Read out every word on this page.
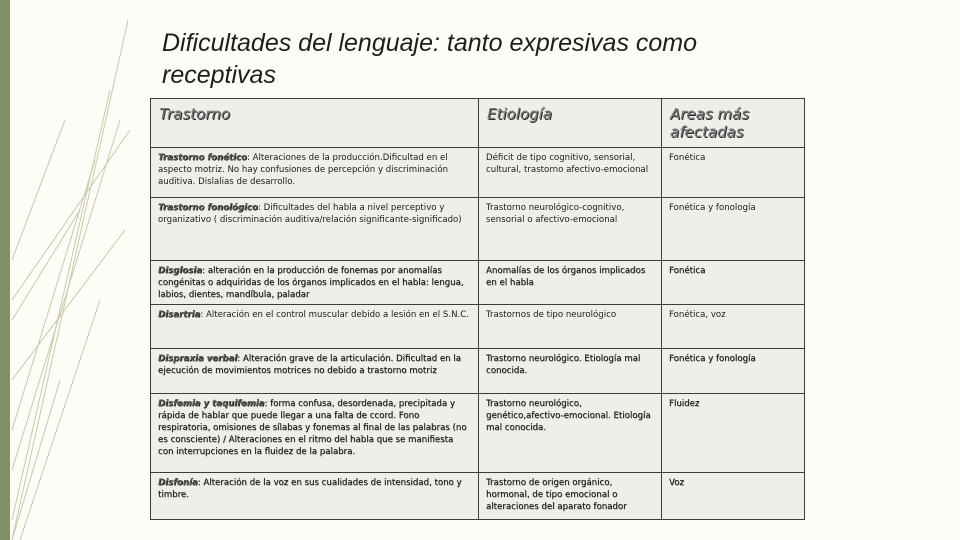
Dificultades del lenguaje: tanto expresivas como receptivas
Trastorno	Etiología	Areas más afectadas
Trastorno fonético: Alteraciones de la producción.Dificultad en el aspecto motriz. No hay confusiones de percepción y discriminación auditiva. Dislalias de desarrollo.	Déficit de tipo cognitivo, sensorial, cultural, trastorno afectivo-emocional	Fonética
Trastorno fonológico: Dificultades del habla a nivel perceptivo y organizativo ( discriminación auditiva/relación significante-significado)	Trastorno neurológico-cognitivo, sensorial o afectivo-emocional	Fonética y fonología
Disglosia: alteración en la producción de fonemas por anomalías congénitas o adquiridas de los órganos implicados en el habla: lengua, labios, dientes, mandíbula, paladar	Anomalías de los órganos implicados en el habla	Fonética
Disartria: Alteración en el control muscular debido a lesión en el S.N.C.	Trastornos de tipo neurológico	Fonética, voz
Dispraxia verbal: Alteración grave de la articulación. Dificultad en la ejecución de movimientos motrices no debido a trastorno motriz	Trastorno neurológico. Etiología mal conocida.	Fonética y fonología
Disfemia y taquifemia: forma confusa, desordenada, precipitada y rápida de hablar que puede llegar a una falta de ccord. Fono respiratoria, omisiones de sílabas y fonemas al final de las palabras (no es consciente) / Alteraciones en el ritmo del habla que se manifiesta con interrupciones en la fluidez de la palabra.	Trastorno neurológico, genético,afectivo-emocional. Etiología mal conocida.	Fluidez
Disfonía: Alteración de la voz en sus cualidades de intensidad, tono y timbre.	Trastorno de origen orgánico, hormonal, de tipo emocional o alteraciones del aparato fonador	Voz
